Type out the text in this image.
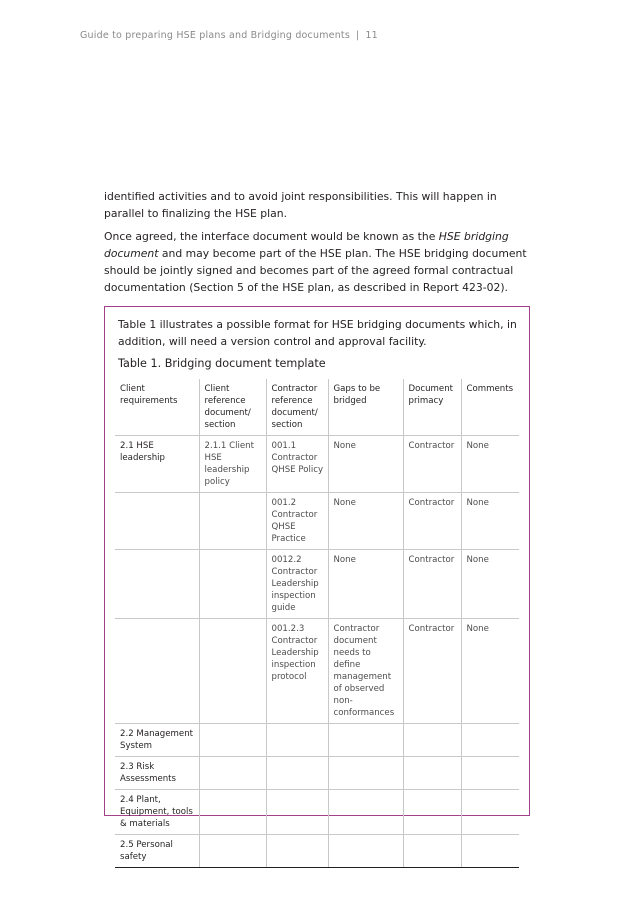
Guide to preparing HSE plans and Bridging documents | 11

identified activities and to avoid joint responsibilities. This will happen in parallel to finalizing the HSE plan.

Once agreed, the interface document would be known as the HSE bridging document and may become part of the HSE plan. The HSE bridging document should be jointly signed and becomes part of the agreed formal contractual documentation (Section 5 of the HSE plan, as described in Report 423-02).

Table 1 illustrates a possible format for HSE bridging documents which, in addition, will need a version control and approval facility.

Table 1. Bridging document template
Client requirements	Client reference document/ section	Contractor reference document/ section	Gaps to be bridged	Document primacy	Comments
2.1 HSE leadership	2.1.1 Client HSE leadership policy	001.1 Contractor QHSE Policy	None	Contractor	None
		001.2 Contractor QHSE Practice	None	Contractor	None
		0012.2 Contractor Leadership inspection guide	None	Contractor	None
		001.2.3 Contractor Leadership inspection protocol	Contractor document needs to define management of observed non-conformances	Contractor	None
2.2 Management System					
2.3 Risk Assessments					
2.4 Plant, Equipment, tools & materials					
2.5 Personal safety					
